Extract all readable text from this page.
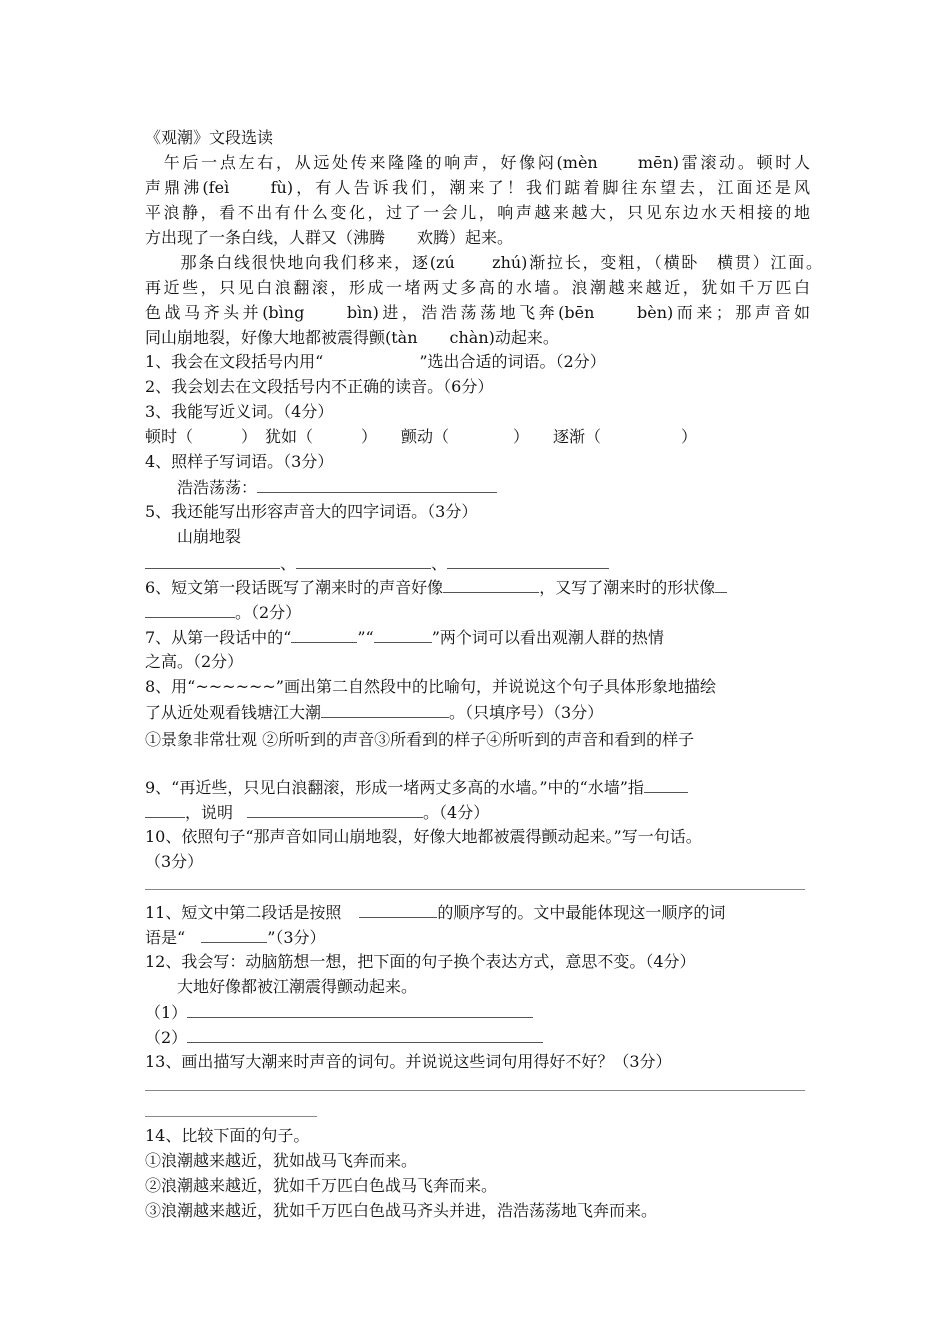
《观潮》文段选读
　午后一点左右，从远处传来隆隆的响声，好像闷(mèn　　mēn)雷滚动。顿时人
声鼎沸(feì　　fù)，有人告诉我们，潮来了！我们踮着脚往东望去，江面还是风
平浪静，看不出有什么变化，过了一会儿，响声越来越大，只见东边水天相接的地
方出现了一条白线，人群又（沸腾　　欢腾）起来。
　　那条白线很快地向我们移来，逐(zú　　zhú)渐拉长，变粗，（横卧　横贯）江面。
再近些，只见白浪翻滚，形成一堵两丈多高的水墙。浪潮越来越近，犹如千万匹白
色战马齐头并(bìng　　bìn)进，浩浩荡荡地飞奔(bēn　　bèn)而来；那声音如
同山崩地裂，好像大地都被震得颤(tàn　　chàn)动起来。
1、我会在文段括号内用“　　　　　　”选出合适的词语。（2分）
2、我会划去在文段括号内不正确的读音。（6分）
3、我能写近义词。（4分）
顿时（　　　）　犹如（　　　）　　颤动（　　　　）　　逐渐（　　　　　）
4、照样子写词语。（3分）
　　浩浩荡荡：
5、我还能写出形容声音大的四字词语。（3分）
　　山崩地裂
、	、
6、短文第一段话既写了潮来时的声音好像	，又写了潮来时的形状像
。（2分）
7、从第一段话中的“	”“	”两个词可以看出观潮人群的热情
之高。（2分）
8、用“~~~~~~”画出第二自然段中的比喻句，并说说这个句子具体形象地描绘
了从近处观看钱塘江大潮	。（只填序号）（3分）
①景象非常壮观 ②所听到的声音③所看到的样子④所听到的声音和看到的样子
9、“再近些，只见白浪翻滚，形成一堵两丈多高的水墙。”中的“水墙”指
，说明	。（4分）
10、依照句子“那声音如同山崩地裂，好像大地都被震得颤动起来。”写一句话。
（3分）
11、短文中第二段话是按照	的顺序写的。文中最能体现这一顺序的词
语是“	”（3分）
12、我会写：动脑筋想一想，把下面的句子换个表达方式，意思不变。（4分）
　　大地好像都被江潮震得颤动起来。
（1）
（2）
13、画出描写大潮来时声音的词句。并说说这些词句用得好不好？（3分）
14、比较下面的句子。
①浪潮越来越近，犹如战马飞奔而来。
②浪潮越来越近，犹如千万匹白色战马飞奔而来。
③浪潮越来越近，犹如千万匹白色战马齐头并进，浩浩荡荡地飞奔而来。
